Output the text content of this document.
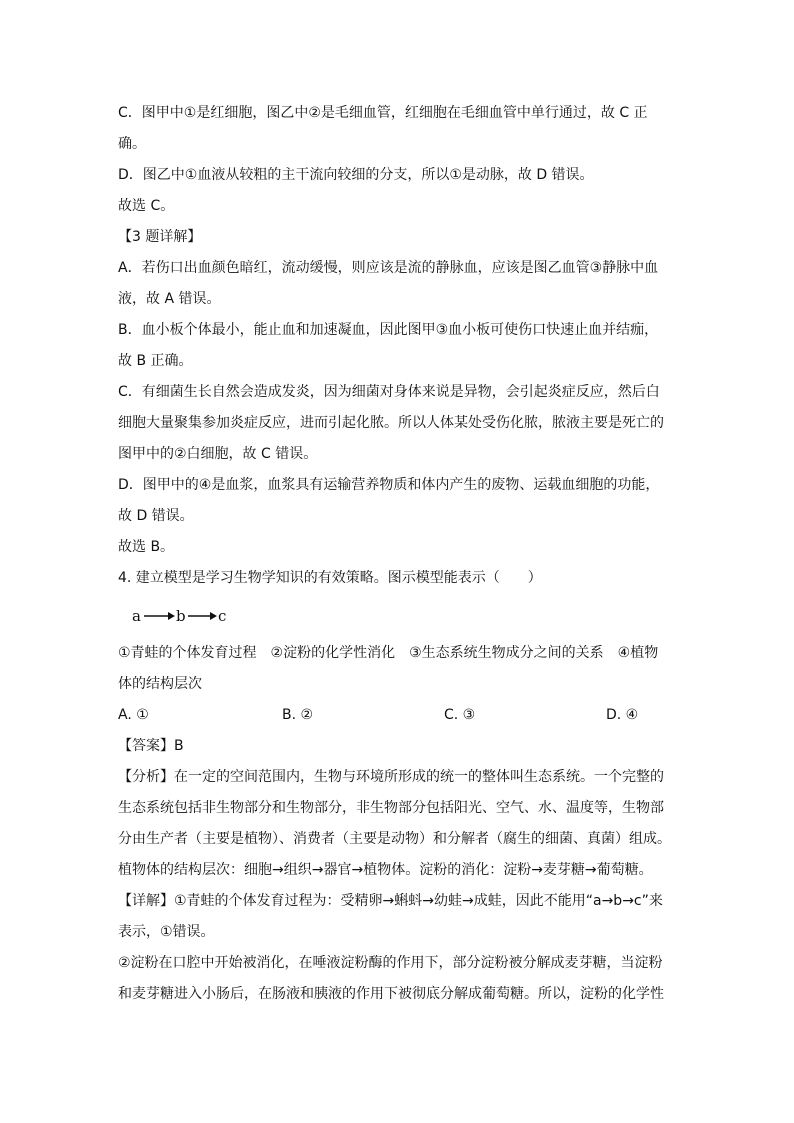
C．图甲中①是红细胞，图乙中②是毛细血管，红细胞在毛细血管中单行通过，故 C 正
确。
D．图乙中①血液从较粗的主干流向较细的分支，所以①是动脉，故 D 错误。
故选 C。
【3 题详解】
A．若伤口出血颜色暗红，流动缓慢，则应该是流的静脉血，应该是图乙血管③静脉中血
液，故 A 错误。
B．血小板个体最小，能止血和加速凝血，因此图甲③血小板可使伤口快速止血并结痂，
故 B 正确。
C．有细菌生长自然会造成发炎，因为细菌对身体来说是异物，会引起炎症反应，然后白
细胞大量聚集参加炎症反应，进而引起化脓。所以人体某处受伤化脓，脓液主要是死亡的
图甲中的②白细胞，故 C 错误。
D．图甲中的④是血浆，血浆具有运输营养物质和体内产生的废物、运载血细胞的功能，
故 D 错误。
故选 B。
4. 建立模型是学习生物学知识的有效策略。图示模型能表示（　　）
a b c
①青蛙的个体发育过程　②淀粉的化学性消化　③生态系统生物成分之间的关系　④植物
体的结构层次
A. ①	B. ②	C. ③	D. ④
【答案】B
【分析】在一定的空间范围内，生物与环境所形成的统一的整体叫生态系统。一个完整的
生态系统包括非生物部分和生物部分，非生物部分包括阳光、空气、水、温度等，生物部
分由生产者（主要是植物）、消费者（主要是动物）和分解者（腐生的细菌、真菌）组成。
植物体的结构层次：细胞→组织→器官→植物体。淀粉的消化：淀粉→麦芽糖→葡萄糖。
【详解】①青蛙的个体发育过程为：受精卵→蝌蚪→幼蛙→成蛙，因此不能用“a→b→c”来
表示，①错误。
②淀粉在口腔中开始被消化，在唾液淀粉酶的作用下，部分淀粉被分解成麦芽糖，当淀粉
和麦芽糖进入小肠后，在肠液和胰液的作用下被彻底分解成葡萄糖。所以，淀粉的化学性
